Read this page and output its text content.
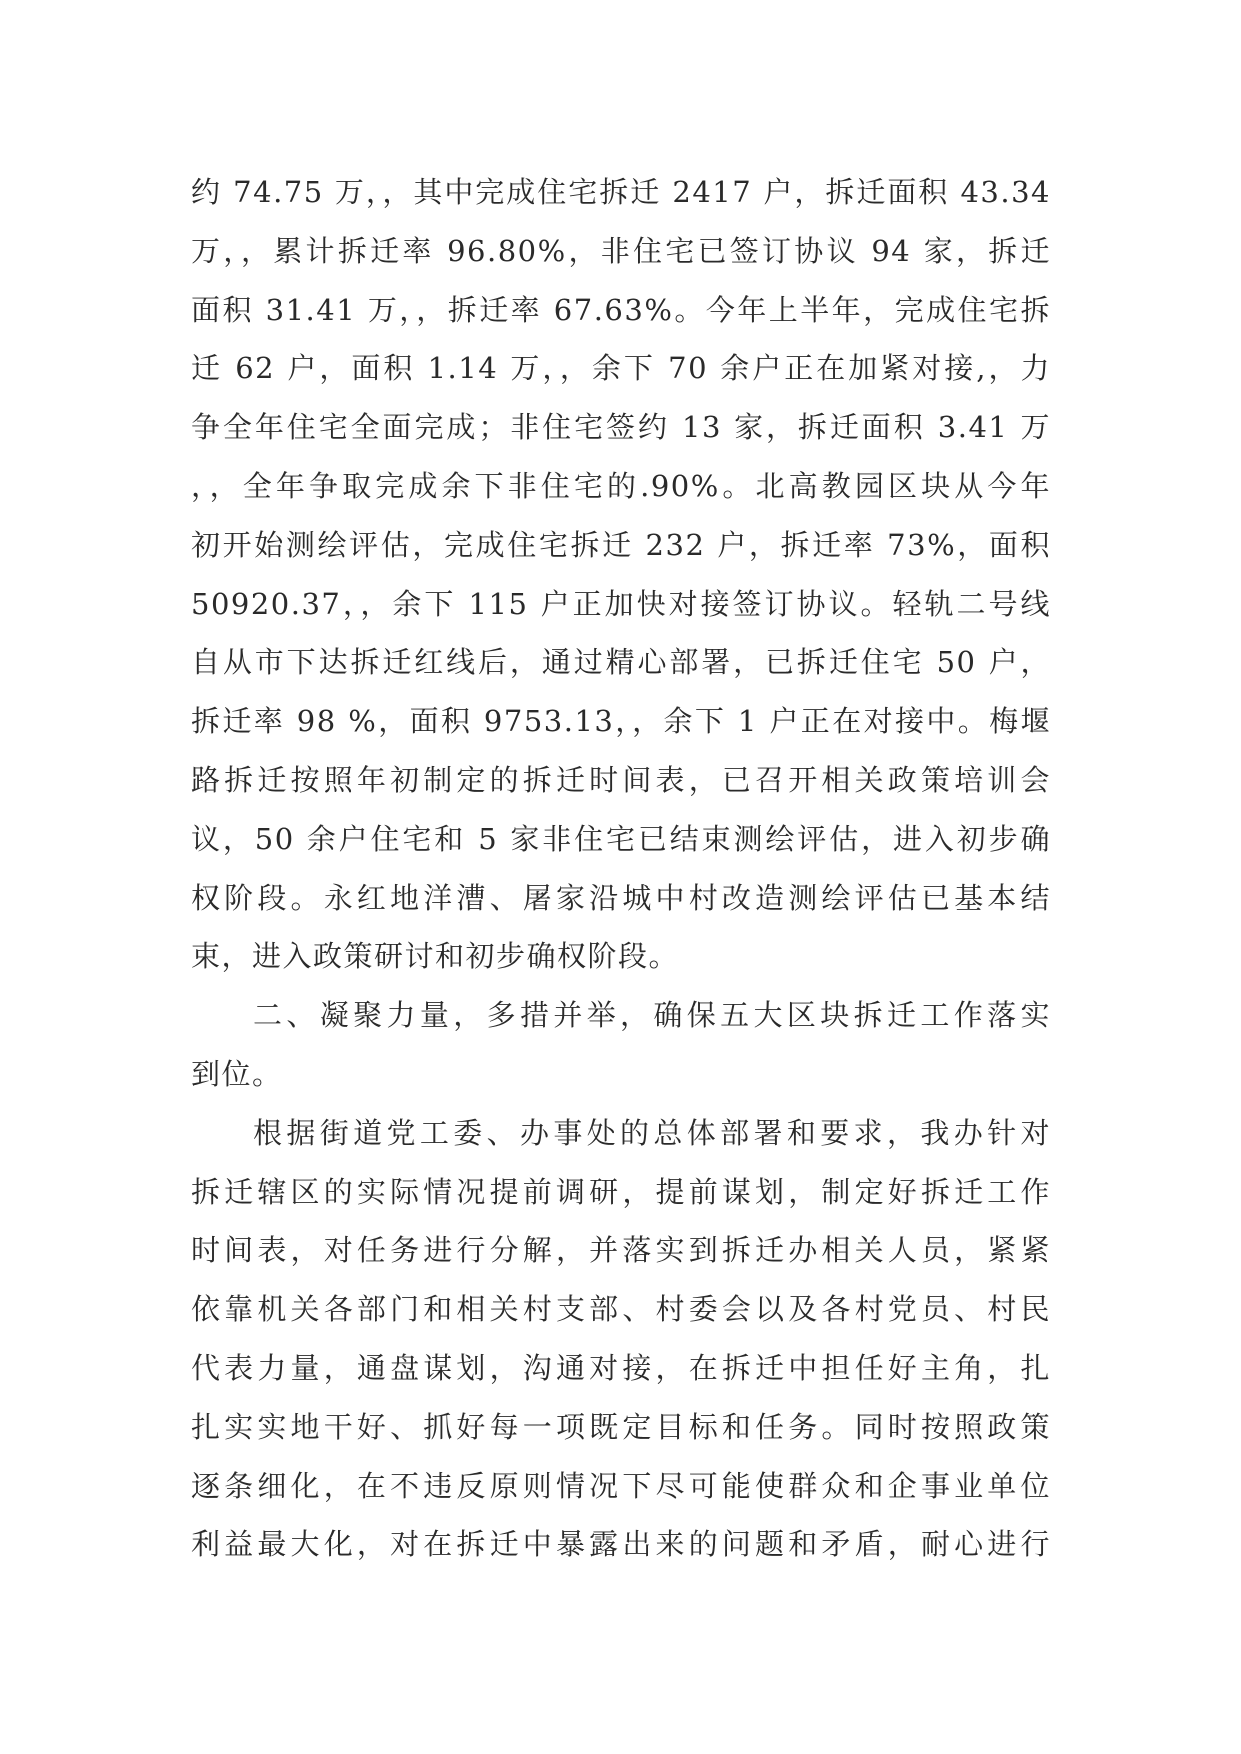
约 74.75 万，，其中完成住宅拆迁 2417 户，拆迁面积 43.34
万，，累计拆迁率 96.80%，非住宅已签订协议 94 家，拆迁
面积 31.41 万，，拆迁率 67.63%。今年上半年，完成住宅拆
迁 62 户，面积 1.14 万，，余下 70 余户正在加紧对接,，力
争全年住宅全面完成；非住宅签约 13 家，拆迁面积 3.41 万
，，全年争取完成余下非住宅的.90%。北高教园区块从今年
初开始测绘评估，完成住宅拆迁 232 户，拆迁率 73%，面积
50920.37，，余下 115 户正加快对接签订协议。轻轨二号线
自从市下达拆迁红线后，通过精心部署，已拆迁住宅 50 户，
拆迁率 98 %，面积 9753.13，，余下 1 户正在对接中。梅堰
路拆迁按照年初制定的拆迁时间表，已召开相关政策培训会
议，50 余户住宅和 5 家非住宅已结束测绘评估，进入初步确
权阶段。永红地洋漕、屠家沿城中村改造测绘评估已基本结
束，进入政策研讨和初步确权阶段。
二、凝聚力量，多措并举，确保五大区块拆迁工作落实
到位。
根据街道党工委、办事处的总体部署和要求，我办针对
拆迁辖区的实际情况提前调研，提前谋划，制定好拆迁工作
时间表，对任务进行分解，并落实到拆迁办相关人员，紧紧
依靠机关各部门和相关村支部、村委会以及各村党员、村民
代表力量，通盘谋划，沟通对接，在拆迁中担任好主角，扎
扎实实地干好、抓好每一项既定目标和任务。同时按照政策
逐条细化，在不违反原则情况下尽可能使群众和企事业单位
利益最大化，对在拆迁中暴露出来的问题和矛盾，耐心进行
